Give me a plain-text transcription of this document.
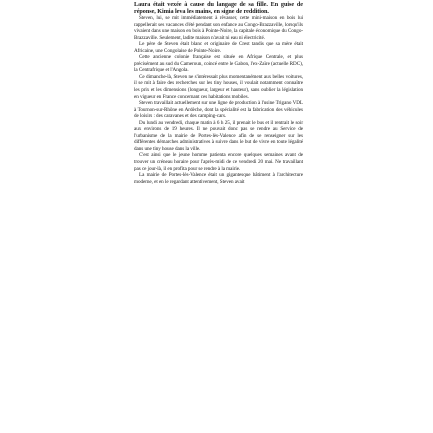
Laura était vexée à cause du langage de sa fille. En guise de réponse, Kimia leva les mains, en signe de reddition.

Steven, lui, se mit immédiatement à rêvasser, cette mini-maison en bois lui rappellerait ses vacances d'été pendant son enfance au Congo-Brazzaville, lorsqu'ils vivaient dans une maison en bois à Pointe-Noire, la capitale économique du Congo-Brazzaville. Seulement, ladite maison n'avait ni eau ni électricité.

Le père de Steven était blanc et originaire de Crest tandis que sa mère était Africaine, une Congolaise de Pointe-Noire.

Cette ancienne colonie française est située en Afrique Centrale, et plus précisément au sud du Cameroun, coincé entre le Gabon, l'ex-Zaïre (actuelle RDC), la Centrafrique et l'Angola.

Ce dimanche-là, Steven ne s'intéressait plus momentanément aux belles voitures, il se mit à faire des recherches sur les tiny houses, il voulait notamment connaître les prix et les dimensions (longueur, largeur et hauteur), sans oublier la législation en vigueur en France concernant ces habitations mobiles.

Steven travaillait actuellement sur une ligne de production à l'usine Trigano VDL à Tournon-sur-Rhône en Ardèche, dont la spécialité est la fabrication des véhicules de loisirs : des caravanes et des camping-cars.

Du lundi au vendredi, chaque matin à 6 h 25, il prenait le bus et il rentrait le soir aux environs de 19 heures. Il ne pouvait donc pas se rendre au Service de l'urbanisme de la mairie de Portes-lès-Valence afin de se renseigner sur les différentes démarches administratives à suivre dans le but de vivre en toute légalité dans une tiny house dans la ville.

C'est ainsi que le jeune homme patienta encore quelques semaines avant de trouver un créneau horaire pour l'après-midi de ce vendredi 20 mai. Ne travaillant pas ce jour-là, il en profita pour se rendre à la mairie.

La mairie de Portes-lès-Valence était un gigantesque bâtiment à l'architecture moderne, et en le regardant attentivement, Steven avait
